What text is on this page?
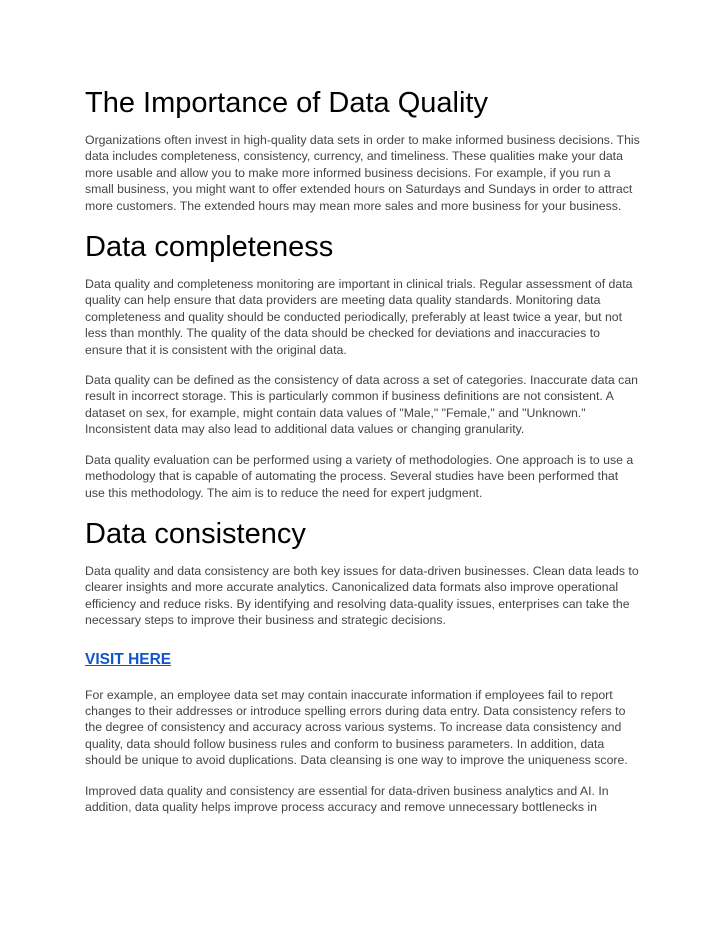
The Importance of Data Quality

Organizations often invest in high-quality data sets in order to make informed business decisions. This data includes completeness, consistency, currency, and timeliness. These qualities make your data more usable and allow you to make more informed business decisions. For example, if you run a small business, you might want to offer extended hours on Saturdays and Sundays in order to attract more customers. The extended hours may mean more sales and more business for your business.

Data completeness

Data quality and completeness monitoring are important in clinical trials. Regular assessment of data quality can help ensure that data providers are meeting data quality standards. Monitoring data completeness and quality should be conducted periodically, preferably at least twice a year, but not less than monthly. The quality of the data should be checked for deviations and inaccuracies to ensure that it is consistent with the original data.

Data quality can be defined as the consistency of data across a set of categories. Inaccurate data can result in incorrect storage. This is particularly common if business definitions are not consistent. A dataset on sex, for example, might contain data values of "Male," "Female," and "Unknown." Inconsistent data may also lead to additional data values or changing granularity.

Data quality evaluation can be performed using a variety of methodologies. One approach is to use a methodology that is capable of automating the process. Several studies have been performed that use this methodology. The aim is to reduce the need for expert judgment.

Data consistency

Data quality and data consistency are both key issues for data-driven businesses. Clean data leads to clearer insights and more accurate analytics. Canonicalized data formats also improve operational efficiency and reduce risks. By identifying and resolving data-quality issues, enterprises can take the necessary steps to improve their business and strategic decisions.

VISIT HERE

For example, an employee data set may contain inaccurate information if employees fail to report changes to their addresses or introduce spelling errors during data entry. Data consistency refers to the degree of consistency and accuracy across various systems. To increase data consistency and quality, data should follow business rules and conform to business parameters. In addition, data should be unique to avoid duplications. Data cleansing is one way to improve the uniqueness score.

Improved data quality and consistency are essential for data-driven business analytics and AI. In addition, data quality helps improve process accuracy and remove unnecessary bottlenecks in
